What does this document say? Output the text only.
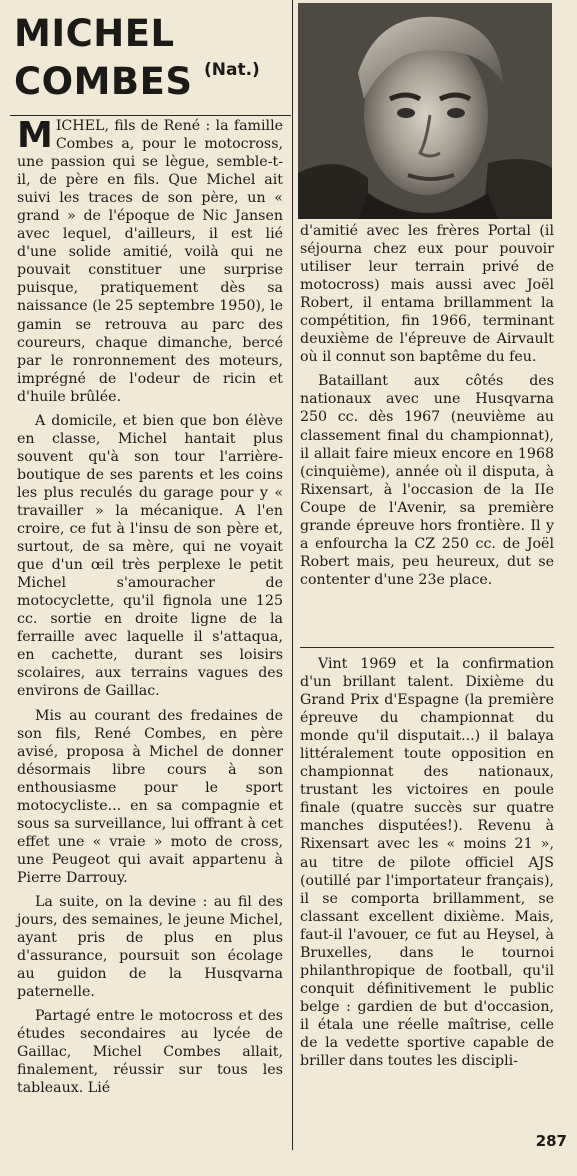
MICHEL
COMBES (Nat.)

MICHEL, fils de René : la famille Combes a, pour le motocross, une passion qui se lègue, semble-t-il, de père en fils. Que Michel ait suivi les traces de son père, un « grand » de l'époque de Nic Jansen avec lequel, d'ailleurs, il est lié d'une solide amitié, voilà qui ne pouvait constituer une surprise puisque, pratiquement dès sa naissance (le 25 septembre 1950), le gamin se retrouva au parc des coureurs, chaque dimanche, bercé par le ronronnement des moteurs, imprégné de l'odeur de ricin et d'huile brûlée.

A domicile, et bien que bon élève en classe, Michel hantait plus souvent qu'à son tour l'arrière-boutique de ses parents et les coins les plus reculés du garage pour y « travailler » la mécanique. A l'en croire, ce fut à l'insu de son père et, surtout, de sa mère, qui ne voyait que d'un œil très perplexe le petit Michel s'amouracher de motocyclette, qu'il fignola une 125 cc. sortie en droite ligne de la ferraille avec laquelle il s'attaqua, en cachette, durant ses loisirs scolaires, aux terrains vagues des environs de Gaillac.

Mis au courant des fredaines de son fils, René Combes, en père avisé, proposa à Michel de donner désormais libre cours à son enthousiasme pour le sport motocycliste... en sa compagnie et sous sa surveillance, lui offrant à cet effet une « vraie » moto de cross, une Peugeot qui avait appartenu à Pierre Darrouy.

La suite, on la devine : au fil des jours, des semaines, le jeune Michel, ayant pris de plus en plus d'assurance, poursuit son écolage au guidon de la Husqvarna paternelle.

Partagé entre le motocross et des études secondaires au lycée de Gaillac, Michel Combes allait, finalement, réussir sur tous les tableaux. Lié

d'amitié avec les frères Portal (il séjourna chez eux pour pouvoir utiliser leur terrain privé de motocross) mais aussi avec Joël Robert, il entama brillamment la compétition, fin 1966, terminant deuxième de l'épreuve de Airvault où il connut son baptême du feu.

Bataillant aux côtés des nationaux avec une Husqvarna 250 cc. dès 1967 (neuvième au classement final du championnat), il allait faire mieux encore en 1968 (cinquième), année où il disputa, à Rixensart, à l'occasion de la IIe Coupe de l'Avenir, sa première grande épreuve hors frontière. Il y a enfourcha la CZ 250 cc. de Joël Robert mais, peu heureux, dut se contenter d'une 23e place.

Vint 1969 et la confirmation d'un brillant talent. Dixième du Grand Prix d'Espagne (la première épreuve du championnat du monde qu'il disputait...) il balaya littéralement toute opposition en championnat des nationaux, trustant les victoires en poule finale (quatre succès sur quatre manches disputées!). Revenu à Rixensart avec les « moins 21 », au titre de pilote officiel AJS (outillé par l'importateur français), il se comporta brillamment, se classant excellent dixième. Mais, faut-il l'avouer, ce fut au Heysel, à Bruxelles, dans le tournoi philanthropique de football, qu'il conquit définitivement le public belge : gardien de but d'occasion, il étala une réelle maîtrise, celle de la vedette sportive capable de briller dans toutes les discipli-

287
